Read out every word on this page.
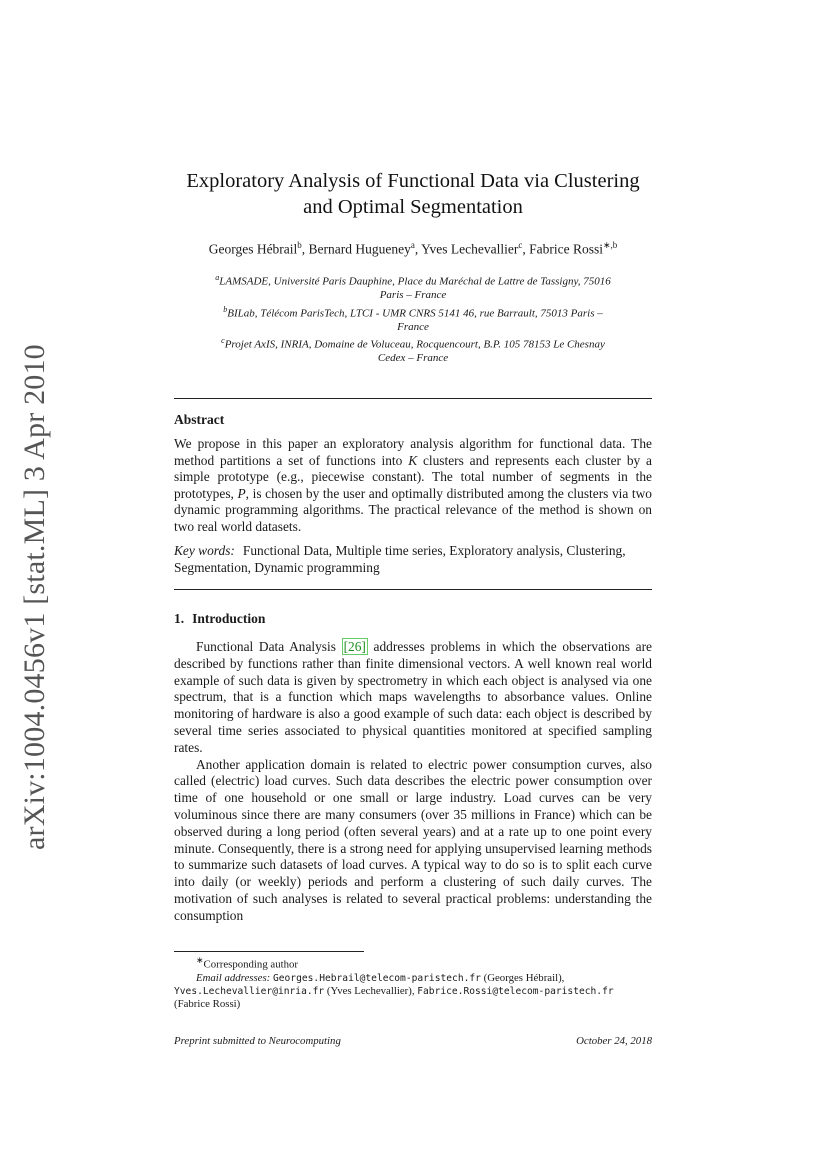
arXiv:1004.0456v1 [stat.ML] 3 Apr 2010
Exploratory Analysis of Functional Data via Clustering
and Optimal Segmentation
Georges Hébrail$^b$, Bernard Hugueney$^a$, Yves Lechevallier$^c$, Fabrice Rossi$^{∗,b}$
$^a$LAMSADE, Université Paris Dauphine, Place du Maréchal de Lattre de Tassigny, 75016
Paris – France
$^b$BILab, Télécom ParisTech, LTCI - UMR CNRS 5141 46, rue Barrault, 75013 Paris –
France
$^c$Projet AxIS, INRIA, Domaine de Voluceau, Rocquencourt, B.P. 105 78153 Le Chesnay
Cedex – France
Abstract
We propose in this paper an exploratory analysis algorithm for functional data. The method partitions a set of functions into K clusters and represents each cluster by a simple prototype (e.g., piecewise constant). The total number of segments in the prototypes, P, is chosen by the user and optimally distributed among the clusters via two dynamic programming algorithms. The practical relevance of the method is shown on two real world datasets.
Key words: Functional Data, Multiple time series, Exploratory analysis, Clustering, Segmentation, Dynamic programming
1. Introduction

Functional Data Analysis [26] addresses problems in which the observations are described by functions rather than finite dimensional vectors. A well known real world example of such data is given by spectrometry in which each object is analysed via one spectrum, that is a function which maps wavelengths to absorbance values. Online monitoring of hardware is also a good example of such data: each object is described by several time series associated to physical quantities monitored at specified sampling rates.

Another application domain is related to electric power consumption curves, also called (electric) load curves. Such data describes the electric power consumption over time of one household or one small or large industry. Load curves can be very voluminous since there are many consumers (over 35 millions in France) which can be observed during a long period (often several years) and at a rate up to one point every minute. Consequently, there is a strong need for applying unsupervised learning methods to summarize such datasets of load curves. A typical way to do so is to split each curve into daily (or weekly) periods and perform a clustering of such daily curves. The motivation of such analyses is related to several practical problems: understanding the consumption

∗Corresponding author
Email addresses: Georges.Hebrail@telecom-paristech.fr (Georges Hébrail),
Yves.Lechevallier@inria.fr (Yves Lechevallier), Fabrice.Rossi@telecom-paristech.fr
(Fabrice Rossi)
Preprint submitted to Neurocomputing	October 24, 2018
